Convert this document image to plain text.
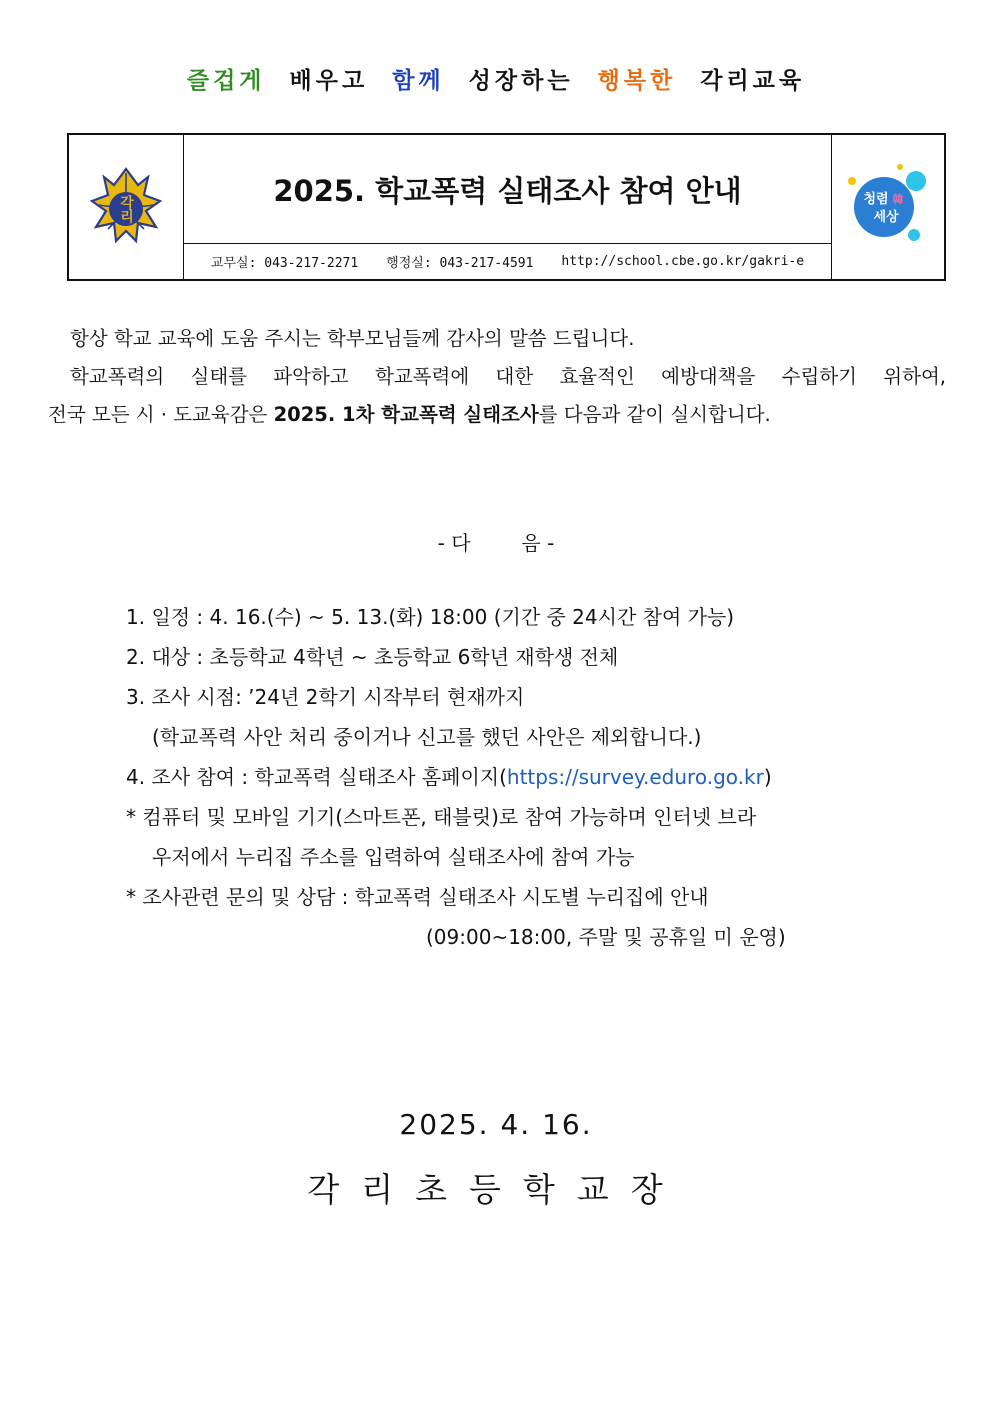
즐겁게 배우고 함께 성장하는 행복한 각리교육
각리
2025. 학교폭력 실태조사 참여 안내
교무실: 043-217-2271 행정실: 043-217-4591 http://school.cbe.go.kr/gakri-e
청렴 韓
세상

항상 학교 교육에 도움 주시는 학부모님들께 감사의 말씀 드립니다.

학교폭력의 실태를 파악하고 학교폭력에 대한 효율적인 예방대책을 수립하기 위하여,

전국 모든 시 · 도교육감은 2025. 1차 학교폭력 실태조사를 다음과 같이 실시합니다.

- 다        음 -
1. 일정 : 4. 16.(수) ~ 5. 13.(화) 18:00 (기간 중 24시간 참여 가능)
2. 대상 : 초등학교 4학년 ~ 초등학교 6학년 재학생 전체
3. 조사 시점: ’24년 2학기 시작부터 현재까지
(학교폭력 사안 처리 중이거나 신고를 했던 사안은 제외합니다.)
4. 조사 참여 : 학교폭력 실태조사 홈페이지(https://survey.eduro.go.kr)
* 컴퓨터 및 모바일 기기(스마트폰, 태블릿)로 참여 가능하며 인터넷 브라
우저에서 누리집 주소를 입력하여 실태조사에 참여 가능
* 조사관련 문의 및 상담 : 학교폭력 실태조사 시도별 누리집에 안내
(09:00~18:00, 주말 및 공휴일 미 운영)
2025. 4. 16.
각리초등학교장
